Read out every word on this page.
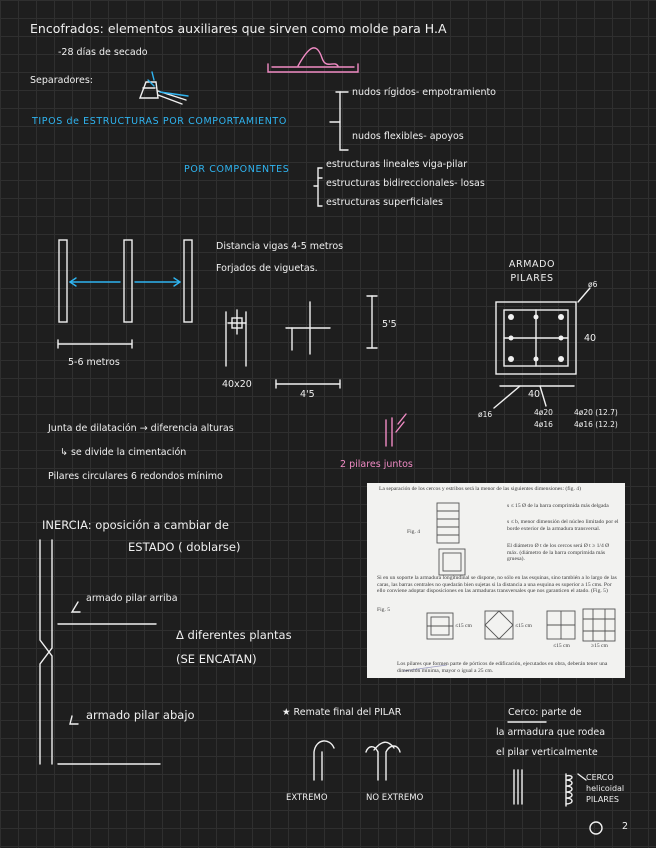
Encofrados: elementos auxiliares que sirven como molde para H.A
-28 días de secado
Separadores:
TIPOS de ESTRUCTURAS POR COMPORTAMIENTO
nudos rígidos- empotramiento
nudos flexibles- apoyos
POR COMPONENTES	estructuras lineales viga-pilar
estructuras bidireccionales- losas
estructuras superficiales
Distancia vigas 4-5 metros
Forjados de viguetas.	ARMADO PILARES
5-6 metros
40x20
4'5
5'5
ø6
40
40
ø16	4ø20
4ø16
4ø20 (12.7)
4ø16 (12.2)
Junta de dilatación → diferencia alturas
↳ se divide la cimentación
Pilares circulares 6 redondos mínimo
2 pilares juntos
INERCIA: oposición a cambiar de
ESTADO ( doblarse)
armado pilar arriba
Δ diferentes plantas
(SE ENCATAN)
armado pilar abajo	★ Remate final del PILAR
EXTREMO	NO EXTREMO
Cerco: parte de
la armadura que rodea
el pilar verticalmente
CERCO helicoidal PILARES
2
La separación de los cercos y estribos será la menor de las siguientes dimensiones: (fig. 4)
Fig. 4
s ≤ 15 Ø de la barra comprimida más delgada
s ≤ b, menor dimensión del núcleo limitado por el borde exterior de la armadura transversal.
El diámetro Ø t de los cercos será Ø t ≥ 1/4 Ø máx. (diámetro de la barra comprimida más gruesa).
Si en un soporte la armadura longitudinal se dispone, no sólo en las esquinas, sino también a lo largo de las caras, las barras centrales no quedarán bien sujetas si la distancia a una esquina es superior a 15 cms. Por ello conviene adoptar disposiciones en las armaduras transversales que nos garanticen el atado. (Fig. 5)
Fig. 5
≤15 cm	≤15 cm
≤15 cm	≥15 cm
Los pilares que formen parte de pórticos de edificación, ejecutados en obra, deberán tener una dimensión mínima, mayor o igual a 25 cm.
